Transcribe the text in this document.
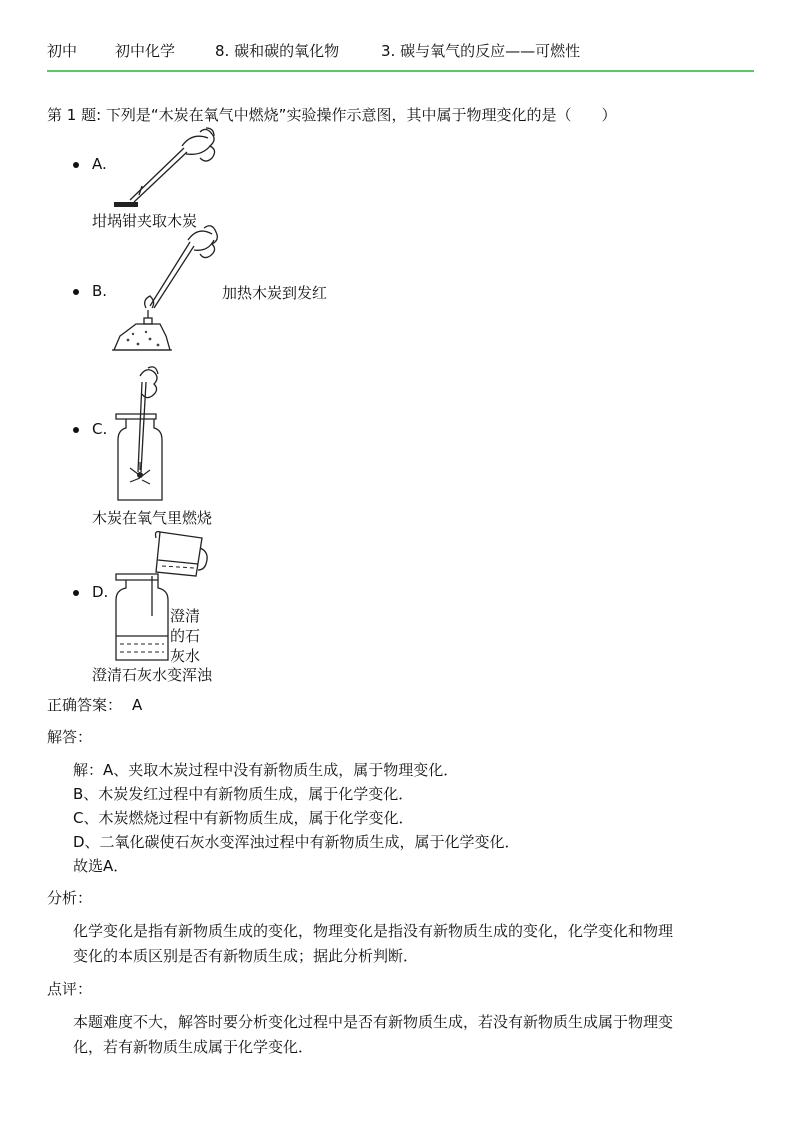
初中	初中化学	8. 碳和碳的氧化物	3. 碳与氧气的反应——可燃性
第 1 题: 下列是“木炭在氧气中燃烧”实验操作示意图，其中属于物理变化的是（　　）
A.
坩埚钳夹取木炭
B.	加热木炭到发红
C.
木炭在氧气里燃烧
D.
澄清
的石
灰水
澄清石灰水变浑浊
正确答案： A
解答：
解：A、夹取木炭过程中没有新物质生成，属于物理变化．
B、木炭发红过程中有新物质生成，属于化学变化．
C、木炭燃烧过程中有新物质生成，属于化学变化．
D、二氧化碳使石灰水变浑浊过程中有新物质生成，属于化学变化．
故选A．
分析：
化学变化是指有新物质生成的变化，物理变化是指没有新物质生成的变化，化学变化和物理
变化的本质区别是否有新物质生成；据此分析判断．
点评：
本题难度不大，解答时要分析变化过程中是否有新物质生成，若没有新物质生成属于物理变
化，若有新物质生成属于化学变化．
